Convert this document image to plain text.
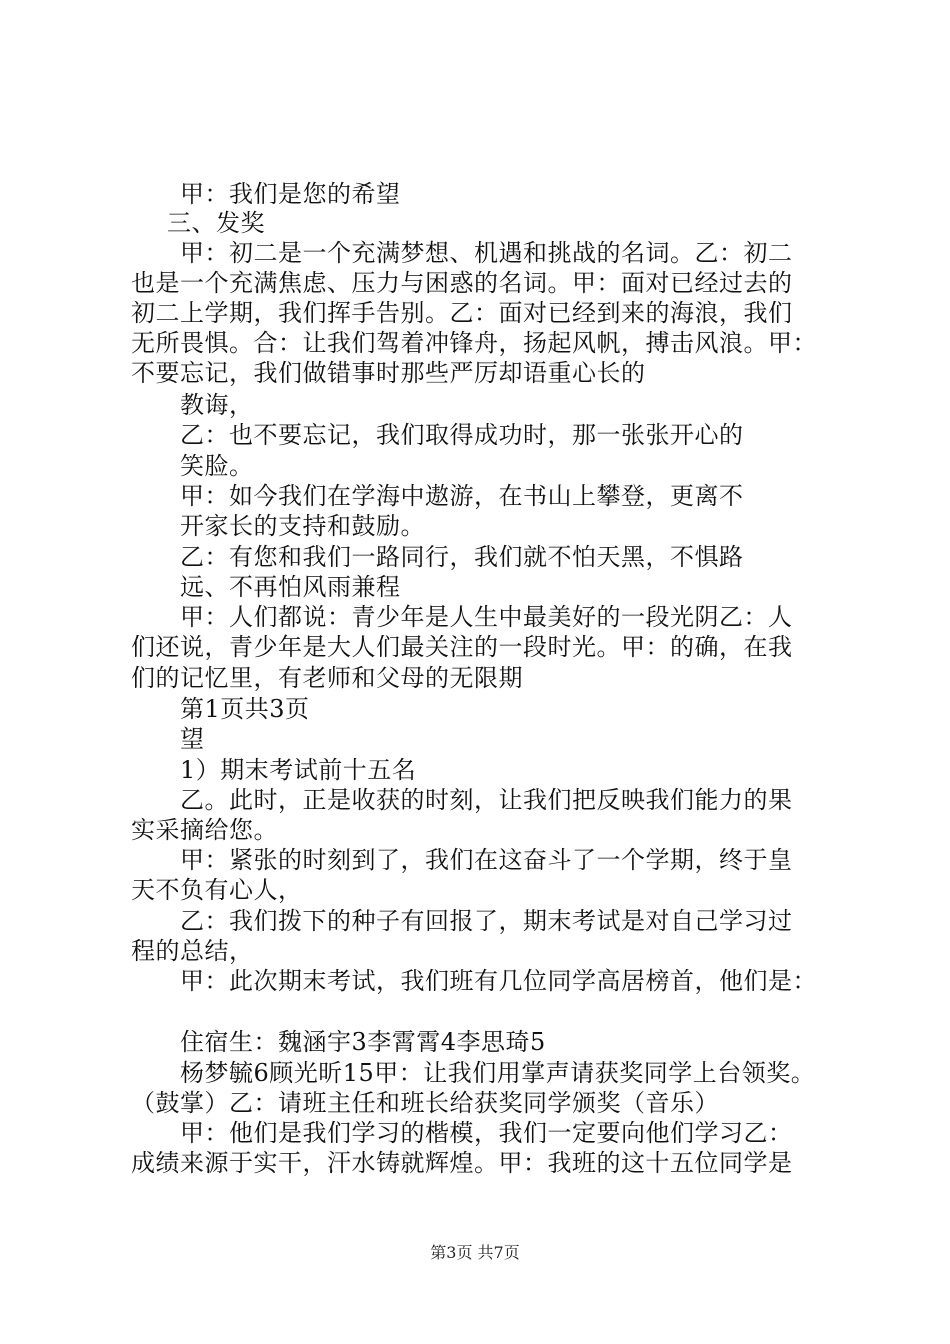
甲：我们是您的希望
三、发奖
甲：初二是一个充满梦想、机遇和挑战的名词。乙：初二
也是一个充满焦虑、压力与困惑的名词。甲：面对已经过去的
初二上学期，我们挥手告别。乙：面对已经到来的海浪，我们
无所畏惧。合：让我们驾着冲锋舟，扬起风帆，搏击风浪。甲：
不要忘记，我们做错事时那些严厉却语重心长的
教诲，
乙：也不要忘记，我们取得成功时，那一张张开心的
笑脸。
甲：如今我们在学海中遨游，在书山上攀登，更离不
开家长的支持和鼓励。
乙：有您和我们一路同行，我们就不怕天黑，不惧路
远、不再怕风雨兼程
甲：人们都说：青少年是人生中最美好的一段光阴乙：人
们还说，青少年是大人们最关注的一段时光。甲：的确，在我
们的记忆里，有老师和父母的无限期
第1页共3页
望
1）期末考试前十五名
乙。此时，正是收获的时刻，让我们把反映我们能力的果
实采摘给您。
甲：紧张的时刻到了，我们在这奋斗了一个学期，终于皇
天不负有心人，
乙：我们拨下的种子有回报了，期末考试是对自己学习过
程的总结，
甲：此次期末考试，我们班有几位同学高居榜首，他们是：
住宿生：魏涵宇3李霄霄4李思琦5
杨梦毓6顾光昕15甲：让我们用掌声请获奖同学上台领奖。
（鼓掌）乙：请班主任和班长给获奖同学颁奖（音乐）
甲：他们是我们学习的楷模，我们一定要向他们学习乙：
成绩来源于实干，汗水铸就辉煌。甲：我班的这十五位同学是
第3页 共7页
